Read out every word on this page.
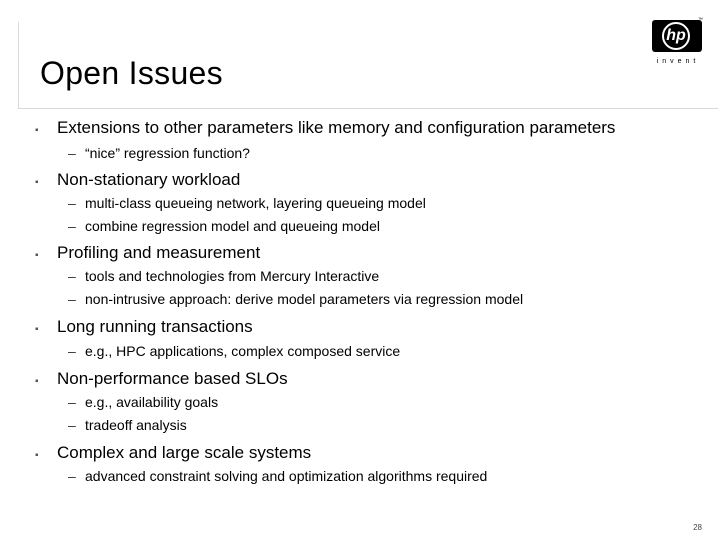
Open Issues
hp
™
invent
▪ Extensions to other parameters like memory and configuration parameters
– “nice” regression function?
▪ Non-stationary workload
– multi-class queueing network, layering queueing model
– combine regression model and queueing model
▪ Profiling and measurement
– tools and technologies from Mercury Interactive
– non-intrusive approach: derive model parameters via regression model
▪ Long running transactions
– e.g., HPC applications, complex composed service
▪ Non-performance based SLOs
– e.g., availability goals
– tradeoff analysis
▪ Complex and large scale systems
– advanced constraint solving and optimization algorithms required
28
